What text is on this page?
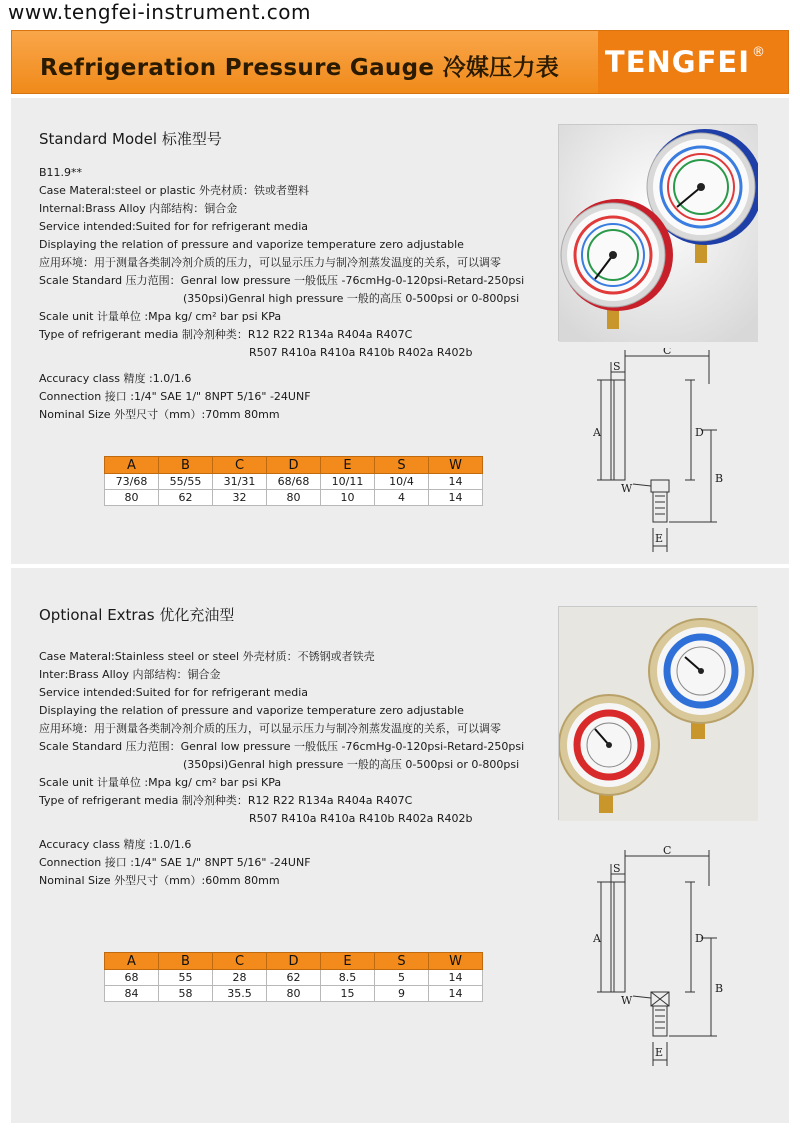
www.tengfei-instrument.com
Refrigeration Pressure Gauge 冷媒压力表 TENGFEI ®
Standard Model 标准型号
B11.9**
Case Materal:steel or plastic 外壳材质：铁或者塑料
Internal:Brass Alloy 内部结构：铜合金
Service intended:Suited for for refrigerant media
Displaying the relation of pressure and vaporize temperature zero adjustable
应用环境：用于测量各类制冷剂介质的压力，可以显示压力与制冷剂蒸发温度的关系，可以调零
Scale Standard 压力范围：Genral low pressure 一般低压 -76cmHg-0-120psi-Retard-250psi
(350psi)Genral high pressure 一般的高压 0-500psi or 0-800psi
Scale unit 计量单位 :Mpa kg/ cm² bar psi KPa
Type of refrigerant media 制冷剂种类：R12 R22 R134a R404a R407C
R507 R410a R410a R410b R402a R402b
Accuracy class 精度 :1.0/1.6
Connection 接口 :1/4" SAE 1/" 8NPT 5/16" -24UNF
Nominal Size 外型尺寸（mm）:70mm 80mm
A	B	C	D	E	S	W
73/68	55/55	31/31	68/68	10/11	10/4	14
80	62	32	80	10	4	14
C
S
A	D
B
E
W
Optional Extras 优化充油型
Case Materal:Stainless steel or steel 外壳材质：不锈钢或者铁壳
Inter:Brass Alloy 内部结构：铜合金
Service intended:Suited for for refrigerant media
Displaying the relation of pressure and vaporize temperature zero adjustable
应用环境：用于测量各类制冷剂介质的压力，可以显示压力与制冷剂蒸发温度的关系，可以调零
Scale Standard 压力范围：Genral low pressure 一般低压 -76cmHg-0-120psi-Retard-250psi
(350psi)Genral high pressure 一般的高压 0-500psi or 0-800psi
Scale unit 计量单位 :Mpa kg/ cm² bar psi KPa
Type of refrigerant media 制冷剂种类：R12 R22 R134a R404a R407C
R507 R410a R410a R410b R402a R402b
Accuracy class 精度 :1.0/1.6
Connection 接口 :1/4" SAE 1/" 8NPT 5/16" -24UNF
Nominal Size 外型尺寸（mm）:60mm 80mm
A	B	C	D	E	S	W
68	55	28	62	8.5	5	14
84	58	35.5	80	15	9	14
C
S
A	D
B
E
W
